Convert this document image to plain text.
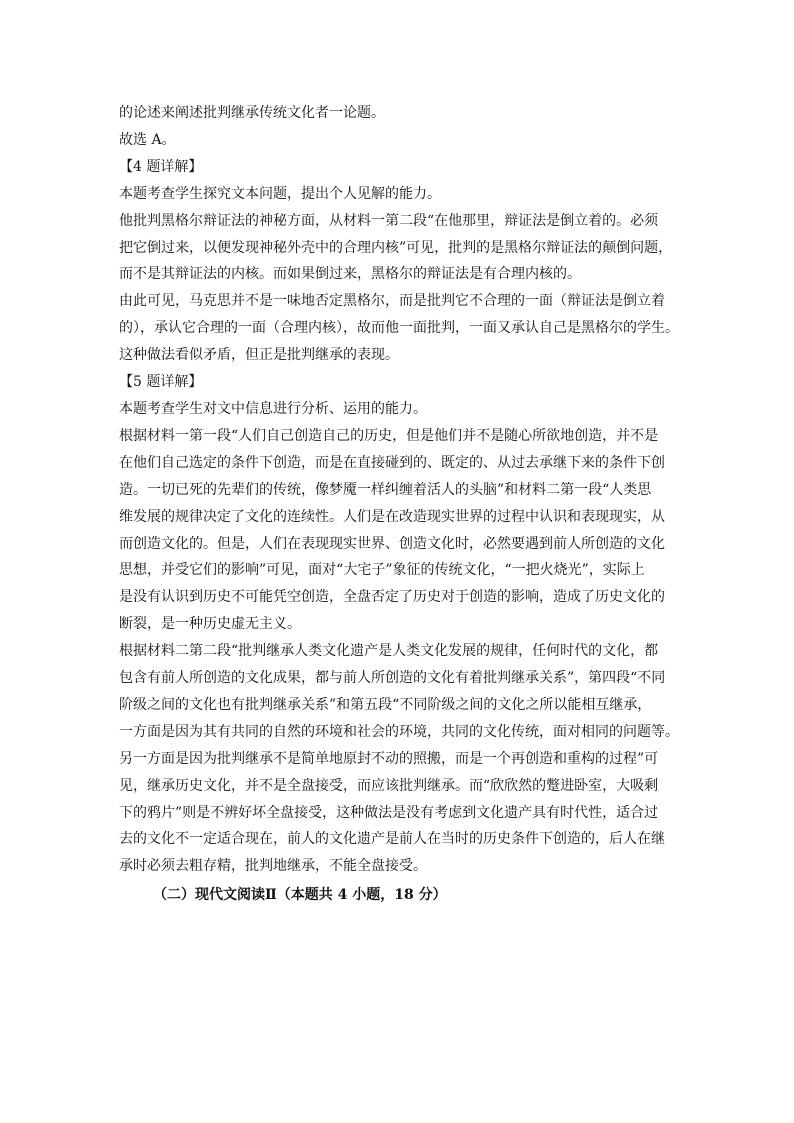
的论述来阐述批判继承传统文化者一论题。
故选 A。
【4 题详解】
本题考查学生探究文本问题，提出个人见解的能力。
他批判黑格尔辩证法的神秘方面，从材料一第二段“在他那里，辩证法是倒立着的。必须
把它倒过来，以便发现神秘外壳中的合理内核”可见，批判的是黑格尔辩证法的颠倒问题，
而不是其辩证法的内核。而如果倒过来，黑格尔的辩证法是有合理内核的。
由此可见，马克思并不是一味地否定黑格尔，而是批判它不合理的一面（辩证法是倒立着
的），承认它合理的一面（合理内核），故而他一面批判，一面又承认自己是黑格尔的学生。
这种做法看似矛盾，但正是批判继承的表现。
【5 题详解】
本题考查学生对文中信息进行分析、运用的能力。
根据材料一第一段“人们自己创造自己的历史，但是他们并不是随心所欲地创造，并不是
在他们自己选定的条件下创造，而是在直接碰到的、既定的、从过去承继下来的条件下创
造。一切已死的先辈们的传统，像梦魇一样纠缠着活人的头脑”和材料二第一段“人类思
维发展的规律决定了文化的连续性。人们是在改造现实世界的过程中认识和表现现实，从
而创造文化的。但是，人们在表现现实世界、创造文化时，必然要遇到前人所创造的文化
思想，并受它们的影响”可见，面对“大宅子”象征的传统文化，“一把火烧光”，实际上
是没有认识到历史不可能凭空创造，全盘否定了历史对于创造的影响，造成了历史文化的
断裂，是一种历史虚无主义。
根据材料二第二段“批判继承人类文化遗产是人类文化发展的规律，任何时代的文化，都
包含有前人所创造的文化成果，都与前人所创造的文化有着批判继承关系”，第四段“不同
阶级之间的文化也有批判继承关系”和第五段“不同阶级之间的文化之所以能相互继承，
一方面是因为其有共同的自然的环境和社会的环境，共同的文化传统，面对相同的问题等。
另一方面是因为批判继承不是简单地原封不动的照搬，而是一个再创造和重构的过程”可
见，继承历史文化，并不是全盘接受，而应该批判继承。而“欣欣然的蹩进卧室，大吸剩
下的鸦片”则是不辨好坏全盘接受，这种做法是没有考虑到文化遗产具有时代性，适合过
去的文化不一定适合现在，前人的文化遗产是前人在当时的历史条件下创造的，后人在继
承时必须去粗存精，批判地继承，不能全盘接受。
（二）现代文阅读Ⅱ（本题共 4 小题，18 分）
